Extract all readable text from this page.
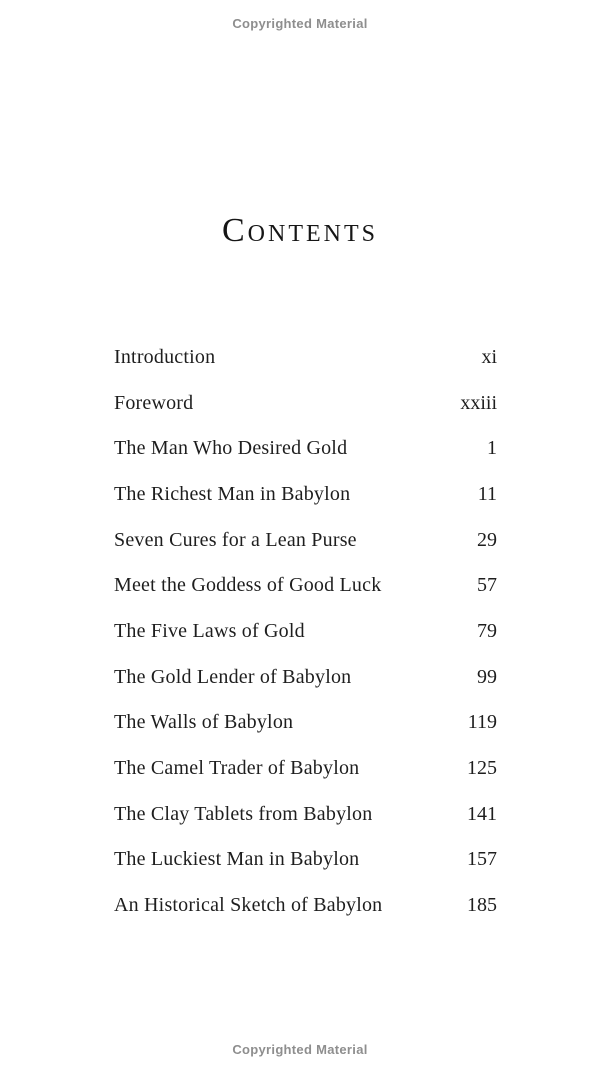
Copyrighted Material
CONTENTS
Introduction	xi
Foreword	xxiii
The Man Who Desired Gold	1
The Richest Man in Babylon	11
Seven Cures for a Lean Purse	29
Meet the Goddess of Good Luck	57
The Five Laws of Gold	79
The Gold Lender of Babylon	99
The Walls of Babylon	119
The Camel Trader of Babylon	125
The Clay Tablets from Babylon	141
The Luckiest Man in Babylon	157
An Historical Sketch of Babylon	185
Copyrighted Material
